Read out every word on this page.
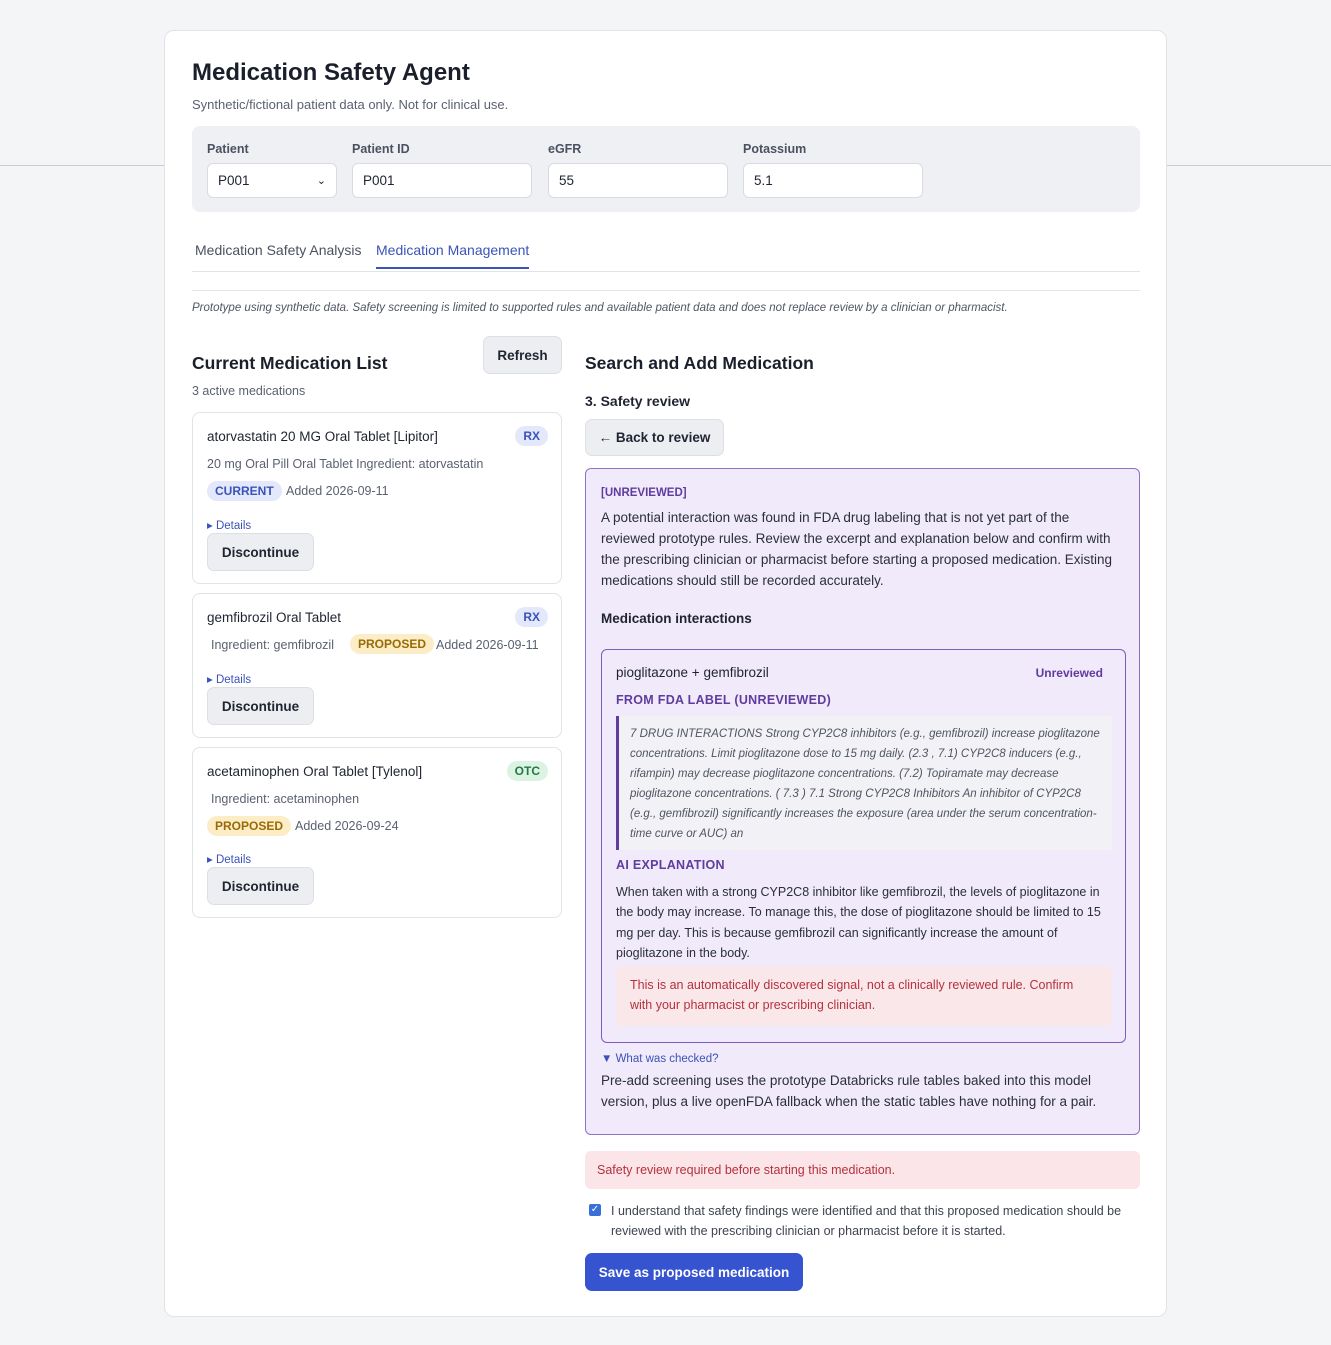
Medication Safety Agent
Synthetic/fictional patient data only. Not for clinical use.
Patient
P001	⌄
Patient ID
P001
eGFR
55
Potassium
5.1
Medication Safety Analysis Medication Management
Prototype using synthetic data. Safety screening is limited to supported rules and available patient data and does not replace review by a clinician or pharmacist.
Current Medication List	Refresh
3 active medications
atorvastatin 20 MG Oral Tablet [Lipitor]	RX
20 mg Oral Pill Oral Tablet Ingredient: atorvastatin
CURRENT Added 2026-09-11
▸ Details
Discontinue
gemfibrozil Oral Tablet	RX
Ingredient: gemfibrozil	PROPOSED Added 2026-09-11
▸ Details
Discontinue
acetaminophen Oral Tablet [Tylenol]	OTC
Ingredient: acetaminophen
PROPOSED Added 2026-09-24
▸ Details
Discontinue
Search and Add Medication
3. Safety review
← Back to review
[UNREVIEWED]
A potential interaction was found in FDA drug labeling that is not yet part of the reviewed prototype rules. Review the excerpt and explanation below and confirm with the prescribing clinician or pharmacist before starting a proposed medication. Existing medications should still be recorded accurately.
Medication interactions
pioglitazone + gemfibrozil	Unreviewed
FROM FDA LABEL (UNREVIEWED)
7 DRUG INTERACTIONS Strong CYP2C8 inhibitors (e.g., gemfibrozil) increase pioglitazone concentrations. Limit pioglitazone dose to 15 mg daily. (2.3 , 7.1) CYP2C8 inducers (e.g., rifampin) may decrease pioglitazone concentrations. (7.2) Topiramate may decrease pioglitazone concentrations. ( 7.3 ) 7.1 Strong CYP2C8 Inhibitors An inhibitor of CYP2C8 (e.g., gemfibrozil) significantly increases the exposure (area under the serum concentration-time curve or AUC) an
AI EXPLANATION
When taken with a strong CYP2C8 inhibitor like gemfibrozil, the levels of pioglitazone in the body may increase. To manage this, the dose of pioglitazone should be limited to 15 mg per day. This is because gemfibrozil can significantly increase the amount of pioglitazone in the body.
This is an automatically discovered signal, not a clinically reviewed rule. Confirm with your pharmacist or prescribing clinician.
▼ What was checked?
Pre-add screening uses the prototype Databricks rule tables baked into this model version, plus a live openFDA fallback when the static tables have nothing for a pair.
Safety review required before starting this medication.
✓ I understand that safety findings were identified and that this proposed medication should be reviewed with the prescribing clinician or pharmacist before it is started.
Save as proposed medication
